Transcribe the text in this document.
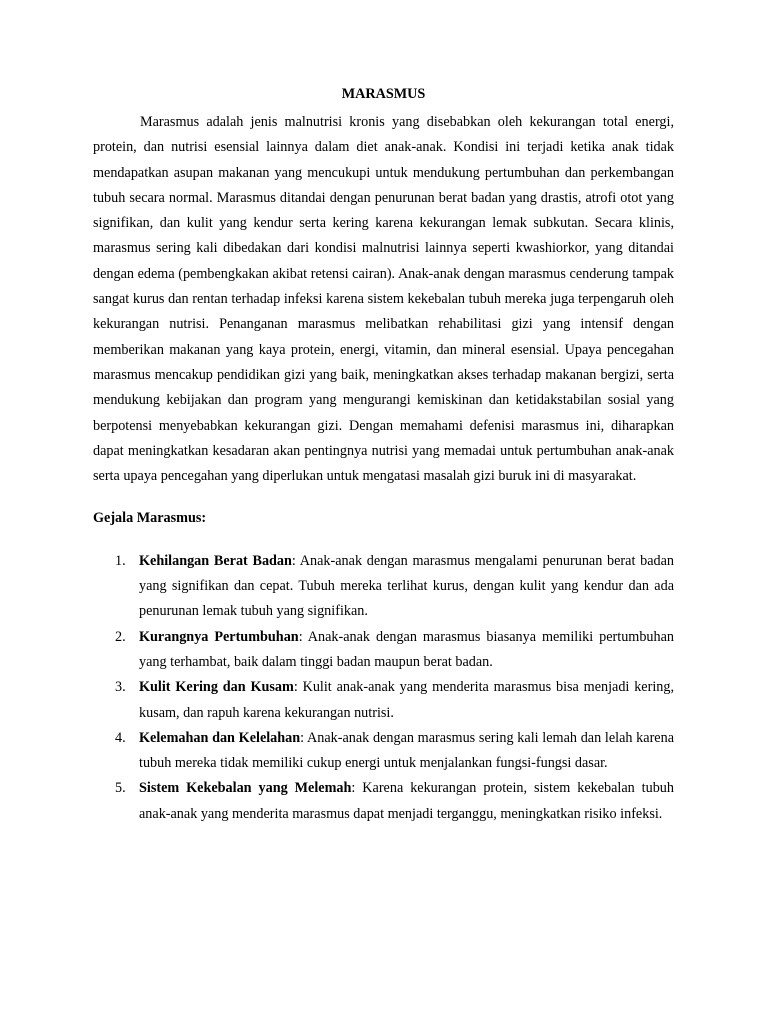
MARASMUS

Marasmus adalah jenis malnutrisi kronis yang disebabkan oleh kekurangan total energi, protein, dan nutrisi esensial lainnya dalam diet anak-anak. Kondisi ini terjadi ketika anak tidak mendapatkan asupan makanan yang mencukupi untuk mendukung pertumbuhan dan perkembangan tubuh secara normal. Marasmus ditandai dengan penurunan berat badan yang drastis, atrofi otot yang signifikan, dan kulit yang kendur serta kering karena kekurangan lemak subkutan. Secara klinis, marasmus sering kali dibedakan dari kondisi malnutrisi lainnya seperti kwashiorkor, yang ditandai dengan edema (pembengkakan akibat retensi cairan). Anak-anak dengan marasmus cenderung tampak sangat kurus dan rentan terhadap infeksi karena sistem kekebalan tubuh mereka juga terpengaruh oleh kekurangan nutrisi. Penanganan marasmus melibatkan rehabilitasi gizi yang intensif dengan memberikan makanan yang kaya protein, energi, vitamin, dan mineral esensial. Upaya pencegahan marasmus mencakup pendidikan gizi yang baik, meningkatkan akses terhadap makanan bergizi, serta mendukung kebijakan dan program yang mengurangi kemiskinan dan ketidakstabilan sosial yang berpotensi menyebabkan kekurangan gizi. Dengan memahami defenisi marasmus ini, diharapkan dapat meningkatkan kesadaran akan pentingnya nutrisi yang memadai untuk pertumbuhan anak-anak serta upaya pencegahan yang diperlukan untuk mengatasi masalah gizi buruk ini di masyarakat.

Gejala Marasmus:

1. Kehilangan Berat Badan: Anak-anak dengan marasmus mengalami penurunan berat badan yang signifikan dan cepat. Tubuh mereka terlihat kurus, dengan kulit yang kendur dan ada penurunan lemak tubuh yang signifikan.
2. Kurangnya Pertumbuhan: Anak-anak dengan marasmus biasanya memiliki pertumbuhan yang terhambat, baik dalam tinggi badan maupun berat badan.
3. Kulit Kering dan Kusam: Kulit anak-anak yang menderita marasmus bisa menjadi kering, kusam, dan rapuh karena kekurangan nutrisi.
4. Kelemahan dan Kelelahan: Anak-anak dengan marasmus sering kali lemah dan lelah karena tubuh mereka tidak memiliki cukup energi untuk menjalankan fungsi-fungsi dasar.
5. Sistem Kekebalan yang Melemah: Karena kekurangan protein, sistem kekebalan tubuh anak-anak yang menderita marasmus dapat menjadi terganggu, meningkatkan risiko infeksi.
